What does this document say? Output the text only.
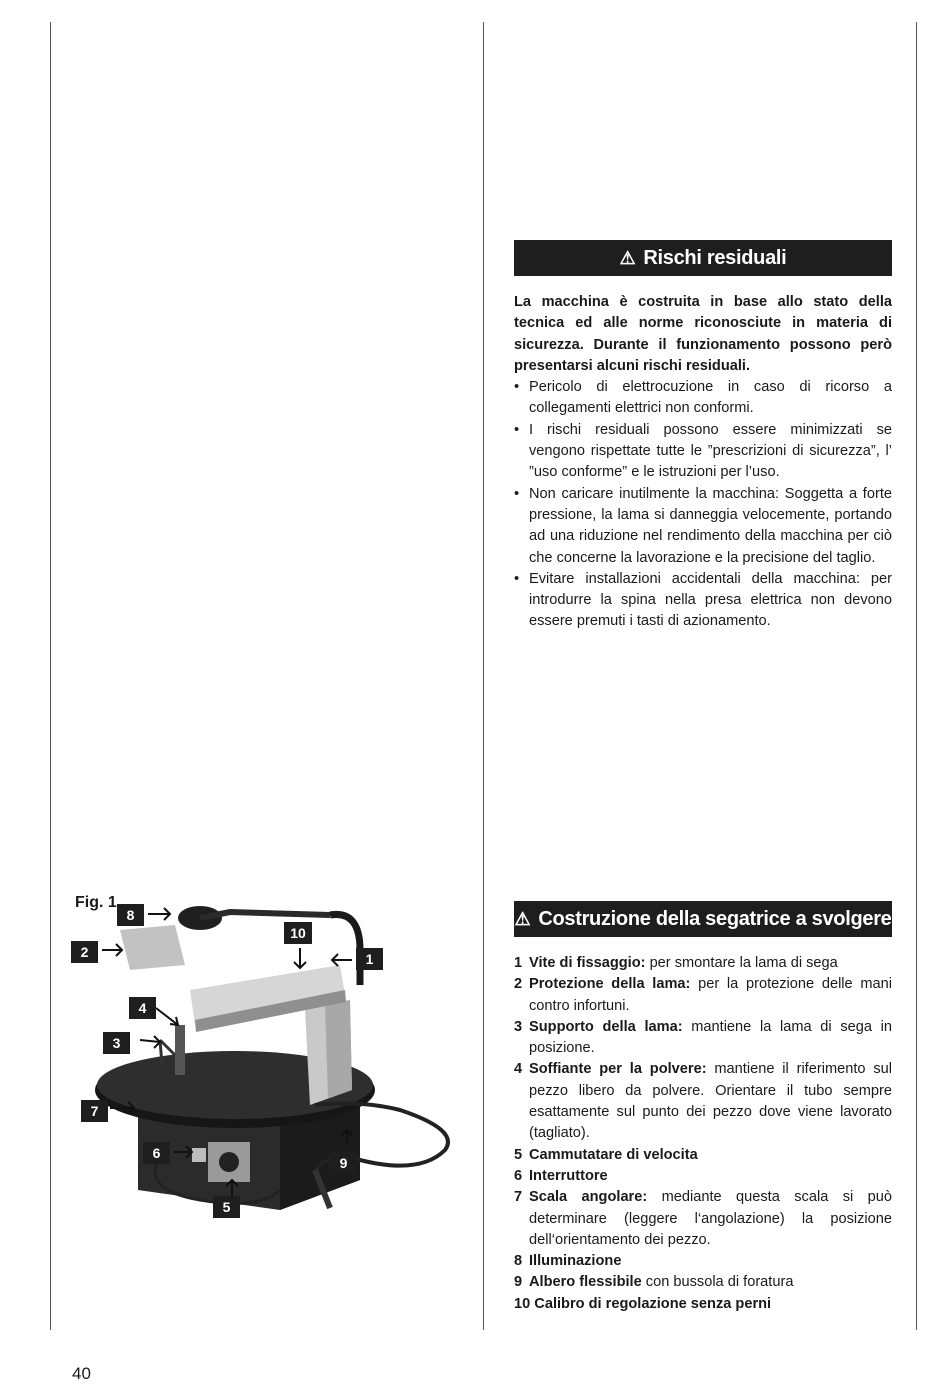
⚠ Rischi residuali

La macchina è costruita in base allo stato della tecnica ed alle norme riconosciute in materia di sicurezza. Durante il funzionamento possono però presentarsi alcuni rischi residuali.

• Pericolo di elettrocuzione in caso di ricorso a collegamenti elettrici non conformi.
• I rischi residuali possono essere minimizzati se vengono rispettate tutte le ”prescrizioni di sicurezza”, l’ ”uso conforme” e le istruzioni per l’uso.
• Non caricare inutilmente la macchina: Soggetta a forte pressione, la lama si danneggia velocemente, portando ad una riduzione nel rendimento della macchina per ciò che concerne la lavorazione e la precisione del taglio.
• Evitare installazioni accidentali della macchina: per introdurre la spina nella presa elettrica non devono essere premuti i tasti di azionamento.
⚠ Costruzione della segatrice a svolgere
1 Vite di fissaggio: per smontare la lama di sega
2 Protezione della lama: per la protezione delle mani contro infortuni.
3 Supporto della lama: mantiene la lama di sega in posizione.
4 Soffiante per la polvere: mantiene il riferimento sul pezzo libero da polvere. Orientare il tubo sempre esattamente sul punto dei pezzo dove viene lavorato (tagliato).
5 Cammutatare di velocita
6 Interruttore
7 Scala angolare: mediante questa scala si può determinare (leggere l‘angolazione) la posizione dell‘orientamento dei pezzo.
8 Illuminazione
9 Albero flessibile con bussola di foratura
10 Calibro di regolazione senza perni
Fig. 1
1
2
3
4
5
6
7
8
9
10
40
